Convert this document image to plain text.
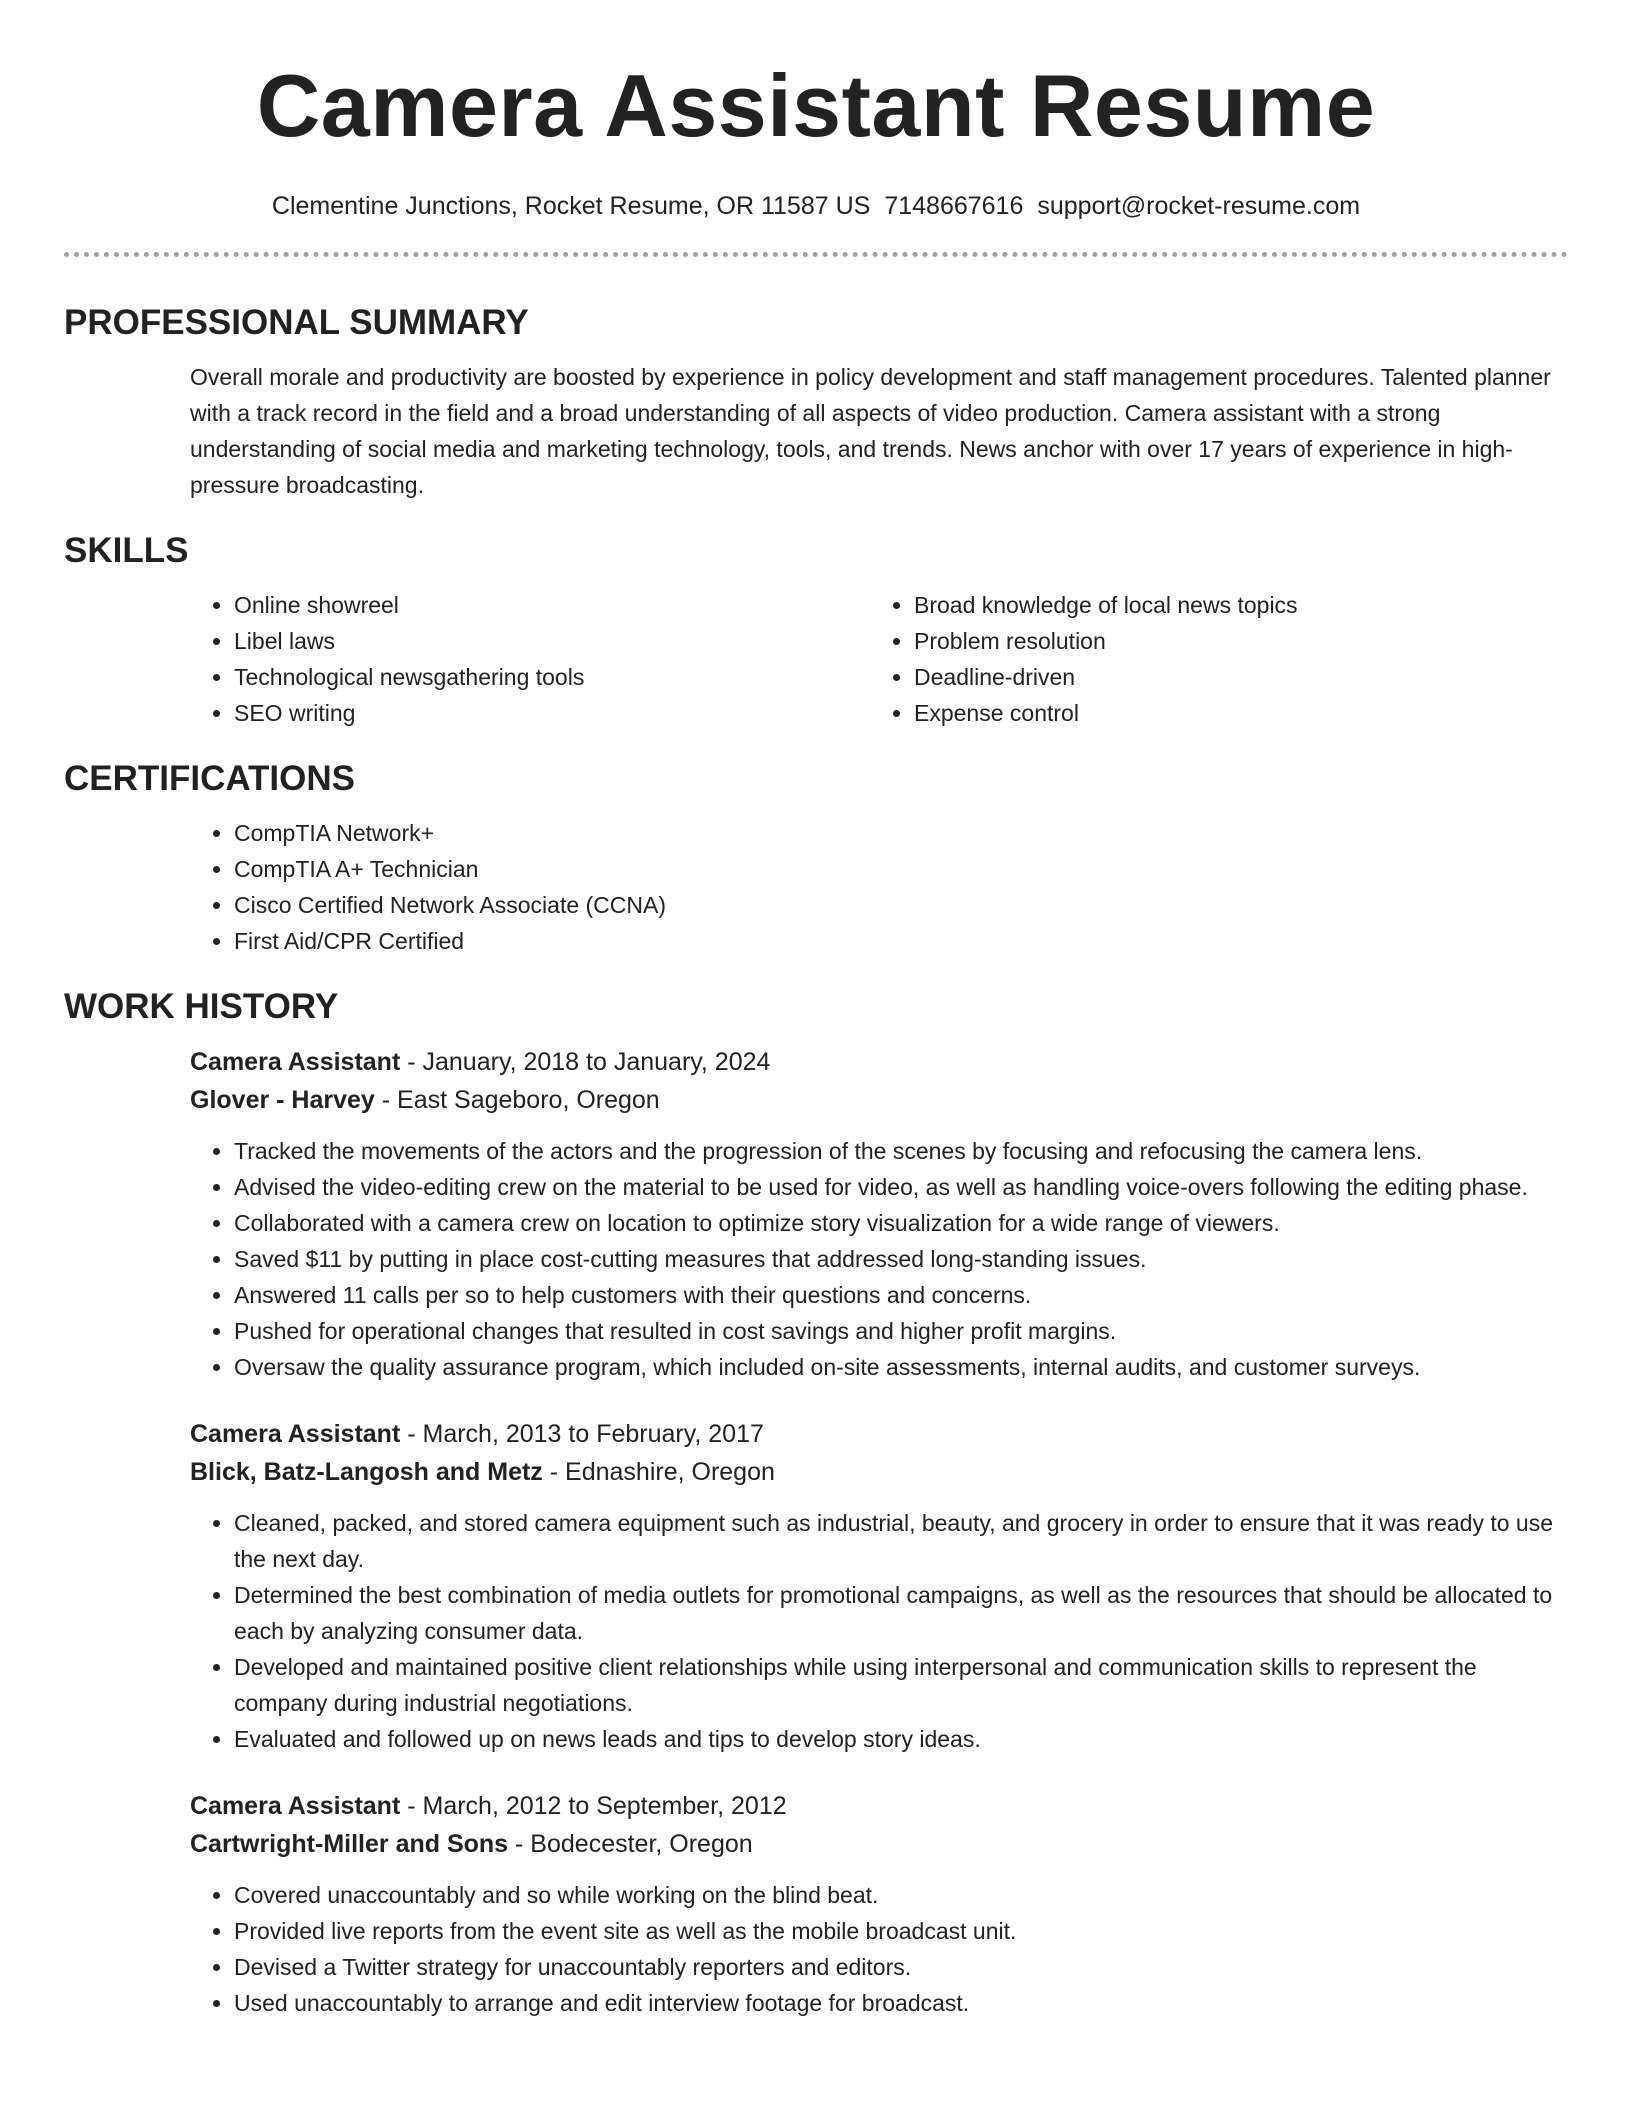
Camera Assistant Resume
Clementine Junctions, Rocket Resume, OR 11587 US 7148667616 support@rocket-resume.com
PROFESSIONAL SUMMARY

Overall morale and productivity are boosted by experience in policy development and staff management procedures. Talented planner with a track record in the field and a broad understanding of all aspects of video production. Camera assistant with a strong understanding of social media and marketing technology, tools, and trends. News anchor with over 17 years of experience in high-pressure broadcasting.

SKILLS
• Online showreel
• Libel laws
• Technological newsgathering tools
• SEO writing
• Broad knowledge of local news topics
• Problem resolution
• Deadline-driven
• Expense control
CERTIFICATIONS
• CompTIA Network+
• CompTIA A+ Technician
• Cisco Certified Network Associate (CCNA)
• First Aid/CPR Certified
WORK HISTORY
Camera Assistant - January, 2018 to January, 2024
Glover - Harvey - East Sageboro, Oregon
• Tracked the movements of the actors and the progression of the scenes by focusing and refocusing the camera lens.
• Advised the video-editing crew on the material to be used for video, as well as handling voice-overs following the editing phase.
• Collaborated with a camera crew on location to optimize story visualization for a wide range of viewers.
• Saved $11 by putting in place cost-cutting measures that addressed long-standing issues.
• Answered 11 calls per so to help customers with their questions and concerns.
• Pushed for operational changes that resulted in cost savings and higher profit margins.
• Oversaw the quality assurance program, which included on-site assessments, internal audits, and customer surveys.
Camera Assistant - March, 2013 to February, 2017
Blick, Batz-Langosh and Metz - Ednashire, Oregon
• Cleaned, packed, and stored camera equipment such as industrial, beauty, and grocery in order to ensure that it was ready to use the next day.
• Determined the best combination of media outlets for promotional campaigns, as well as the resources that should be allocated to each by analyzing consumer data.
• Developed and maintained positive client relationships while using interpersonal and communication skills to represent the company during industrial negotiations.
• Evaluated and followed up on news leads and tips to develop story ideas.
Camera Assistant - March, 2012 to September, 2012
Cartwright-Miller and Sons - Bodecester, Oregon
• Covered unaccountably and so while working on the blind beat.
• Provided live reports from the event site as well as the mobile broadcast unit.
• Devised a Twitter strategy for unaccountably reporters and editors.
• Used unaccountably to arrange and edit interview footage for broadcast.
